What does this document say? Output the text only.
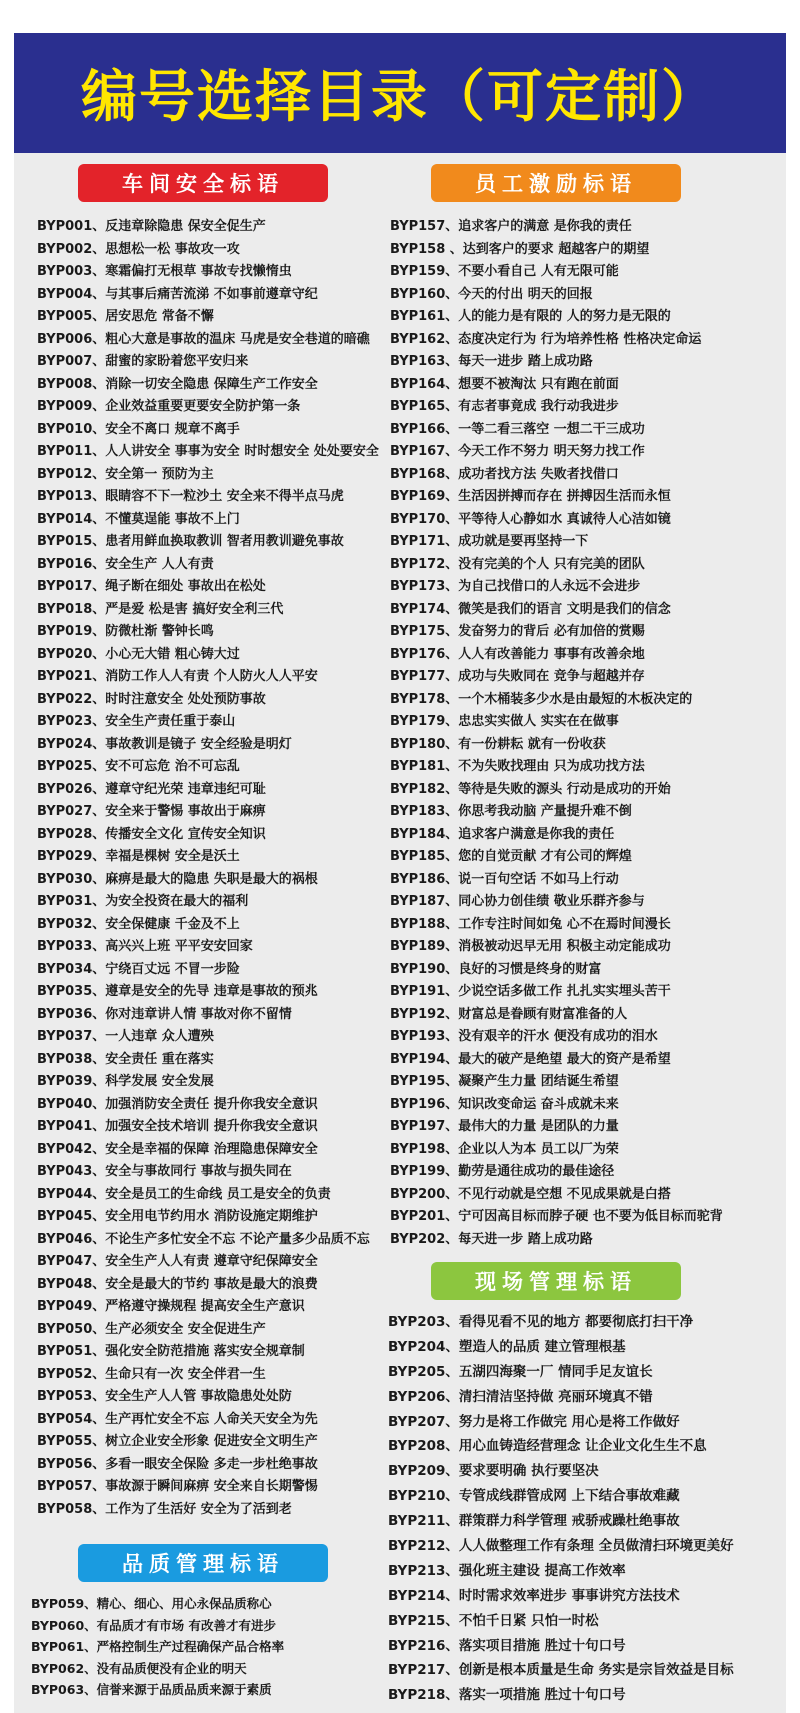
编号选择目录（可定制）
车间安全标语
BYP001、反违章除隐患 保安全促生产
BYP002、思想松一松 事故攻一攻
BYP003、寒霜偏打无根草 事故专找懒惰虫
BYP004、与其事后痛苦流涕 不如事前遵章守纪
BYP005、居安思危 常备不懈
BYP006、粗心大意是事故的温床 马虎是安全巷道的暗礁
BYP007、甜蜜的家盼着您平安归来
BYP008、消除一切安全隐患 保障生产工作安全
BYP009、企业效益重要更要安全防护第一条
BYP010、安全不离口 规章不离手
BYP011、人人讲安全 事事为安全 时时想安全 处处要安全
BYP012、安全第一 预防为主
BYP013、眼睛容不下一粒沙土 安全来不得半点马虎
BYP014、不懂莫逞能 事故不上门
BYP015、患者用鲜血换取教训 智者用教训避免事故
BYP016、安全生产 人人有责
BYP017、绳子断在细处 事故出在松处
BYP018、严是爱 松是害 搞好安全利三代
BYP019、防微杜渐 警钟长鸣
BYP020、小心无大错 粗心铸大过
BYP021、消防工作人人有责 个人防火人人平安
BYP022、时时注意安全 处处预防事故
BYP023、安全生产责任重于泰山
BYP024、事故教训是镜子 安全经验是明灯
BYP025、安不可忘危 治不可忘乱
BYP026、遵章守纪光荣 违章违纪可耻
BYP027、安全来于警惕 事故出于麻痹
BYP028、传播安全文化 宣传安全知识
BYP029、幸福是棵树 安全是沃土
BYP030、麻痹是最大的隐患 失职是最大的祸根
BYP031、为安全投资在最大的福利
BYP032、安全保健康 千金及不上
BYP033、高兴兴上班 平平安安回家
BYP034、宁绕百丈远 不冒一步险
BYP035、遵章是安全的先导 违章是事故的预兆
BYP036、你对违章讲人情 事故对你不留情
BYP037、一人违章 众人遭殃
BYP038、安全责任 重在落实
BYP039、科学发展 安全发展
BYP040、加强消防安全责任 提升你我安全意识
BYP041、加强安全技术培训 提升你我安全意识
BYP042、安全是幸福的保障 治理隐患保障安全
BYP043、安全与事故同行 事故与损失同在
BYP044、安全是员工的生命线 员工是安全的负责
BYP045、安全用电节约用水 消防设施定期维护
BYP046、不论生产多忙安全不忘 不论产量多少品质不忘
BYP047、安全生产人人有责 遵章守纪保障安全
BYP048、安全是最大的节约 事故是最大的浪费
BYP049、严格遵守操规程 提高安全生产意识
BYP050、生产必须安全 安全促进生产
BYP051、强化安全防范措施 落实安全规章制
BYP052、生命只有一次 安全伴君一生
BYP053、安全生产人人管 事故隐患处处防
BYP054、生产再忙安全不忘 人命关天安全为先
BYP055、树立企业安全形象 促进安全文明生产
BYP056、多看一眼安全保险 多走一步杜绝事故
BYP057、事故源于瞬间麻痹 安全来自长期警惕
BYP058、工作为了生活好 安全为了活到老
品质管理标语
BYP059、精心、细心、用心永保品质称心
BYP060、有品质才有市场 有改善才有进步
BYP061、严格控制生产过程确保产品合格率
BYP062、没有品质便没有企业的明天
BYP063、信誉来源于品质品质来源于素质
员工激励标语
BYP157、追求客户的满意 是你我的责任
BYP158 、达到客户的要求 超越客户的期望
BYP159、不要小看自己 人有无限可能
BYP160、今天的付出 明天的回报
BYP161、人的能力是有限的 人的努力是无限的
BYP162、态度决定行为 行为培养性格 性格决定命运
BYP163、每天一进步 踏上成功路
BYP164、想要不被淘汰 只有跑在前面
BYP165、有志者事竟成 我行动我进步
BYP166、一等二看三落空 一想二干三成功
BYP167、今天工作不努力 明天努力找工作
BYP168、成功者找方法 失败者找借口
BYP169、生活因拼搏而存在 拼搏因生活而永恒
BYP170、平等待人心静如水 真诚待人心洁如镜
BYP171、成功就是要再坚持一下
BYP172、没有完美的个人 只有完美的团队
BYP173、为自己找借口的人永远不会进步
BYP174、微笑是我们的语言 文明是我们的信念
BYP175、发奋努力的背后 必有加倍的赏赐
BYP176、人人有改善能力 事事有改善余地
BYP177、成功与失败同在 竞争与超越并存
BYP178、一个木桶装多少水是由最短的木板决定的
BYP179、忠忠实实做人 实实在在做事
BYP180、有一份耕耘 就有一份收获
BYP181、不为失败找理由 只为成功找方法
BYP182、等待是失败的源头 行动是成功的开始
BYP183、你思考我动脑 产量提升难不倒
BYP184、追求客户满意是你我的责任
BYP185、您的自觉贡献 才有公司的辉煌
BYP186、说一百句空话 不如马上行动
BYP187、同心协力创佳绩 敬业乐群齐参与
BYP188、工作专注时间如兔 心不在焉时间漫长
BYP189、消极被动迟早无用 积极主动定能成功
BYP190、良好的习惯是终身的财富
BYP191、少说空话多做工作 扎扎实实埋头苦干
BYP192、财富总是眷顾有财富准备的人
BYP193、没有艰辛的汗水 便没有成功的泪水
BYP194、最大的破产是绝望 最大的资产是希望
BYP195、凝聚产生力量 团结诞生希望
BYP196、知识改变命运 奋斗成就未来
BYP197、最伟大的力量 是团队的力量
BYP198、企业以人为本 员工以厂为荣
BYP199、勤劳是通往成功的最佳途径
BYP200、不见行动就是空想 不见成果就是白搭
BYP201、宁可因高目标而脖子硬 也不要为低目标而驼背
BYP202、每天进一步 踏上成功路
现场管理标语
BYP203、看得见看不见的地方 都要彻底打扫干净
BYP204、塑造人的品质 建立管理根基
BYP205、五湖四海聚一厂 情同手足友谊长
BYP206、清扫清洁坚持做 亮丽环境真不错
BYP207、努力是将工作做完 用心是将工作做好
BYP208、用心血铸造经营理念 让企业文化生生不息
BYP209、要求要明确 执行要坚决
BYP210、专管成线群管成网 上下结合事故难藏
BYP211、群策群力科学管理 戒骄戒躁杜绝事故
BYP212、人人做整理工作有条理 全员做清扫环境更美好
BYP213、强化班主建设 提高工作效率
BYP214、时时需求效率进步 事事讲究方法技术
BYP215、不怕千日紧 只怕一时松
BYP216、落实项目措施 胜过十句口号
BYP217、创新是根本质量是生命 务实是宗旨效益是目标
BYP218、落实一项措施 胜过十句口号
